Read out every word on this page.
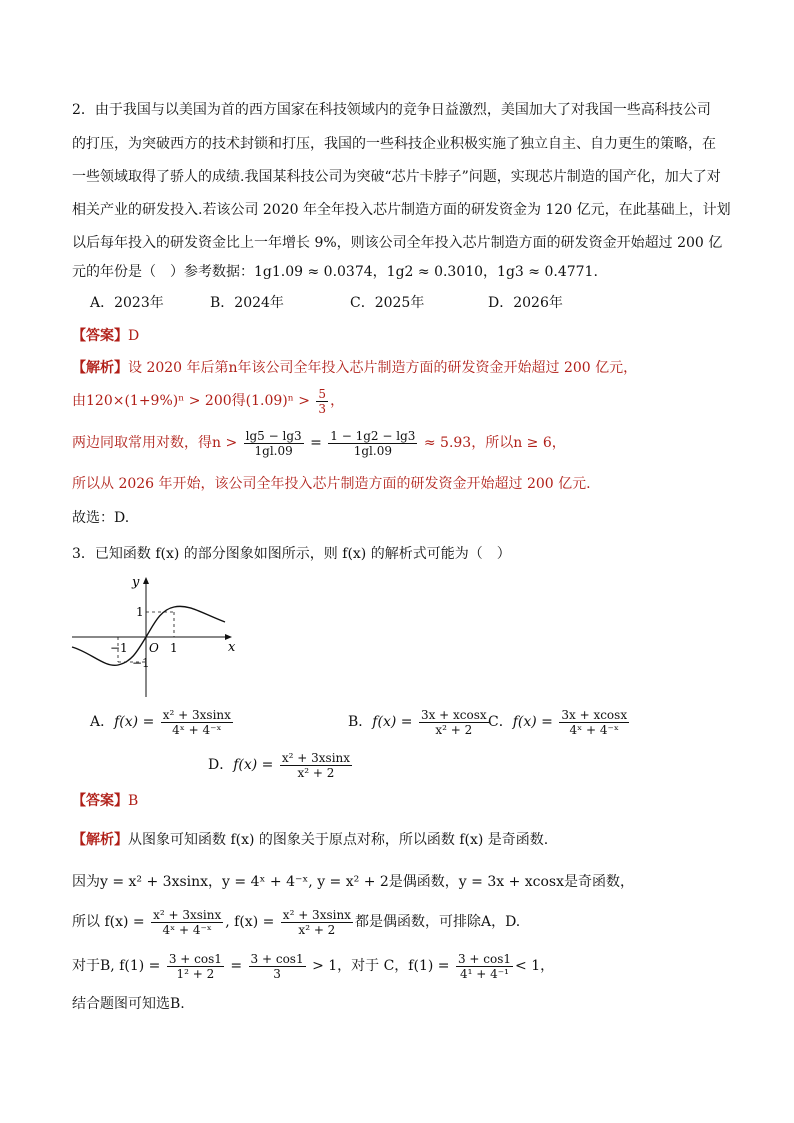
2．由于我国与以美国为首的西方国家在科技领域内的竞争日益激烈，美国加大了对我国一些高科技公司
的打压，为突破西方的技术封锁和打压，我国的一些科技企业积极实施了独立自主、自力更生的策略，在
一些领域取得了骄人的成绩.我国某科技公司为突破“芯片卡脖子”问题，实现芯片制造的国产化，加大了对
相关产业的研发投入.若该公司 2020 年全年投入芯片制造方面的研发资金为 120 亿元，在此基础上，计划
以后每年投入的研发资金比上一年增长 9%，则该公司全年投入芯片制造方面的研发资金开始超过 200 亿
元的年份是（　）参考数据：1g1.09 ≈ 0.0374，1g2 ≈ 0.3010，1g3 ≈ 0.4771.
A．2023年	B．2024年	C．2025年	D．2026年
【答案】D
【解析】设 2020 年后第n年该公司全年投入芯片制造方面的研发资金开始超过 200 亿元，
由120×(1+9%)ⁿ > 200得$(1.09)^n > \frac{5}{3}$ ，
两边同取常用对数，得$n > \frac{\lg 5 - \lg 3}{1gl.09} = \frac{1 - 1g2 - \lg 3}{1gl.09} \approx 5.93$，所以n ≥ 6，
所以从 2026 年开始，该公司全年投入芯片制造方面的研发资金开始超过 200 亿元.
故选：D.
3．已知函数 f(x) 的部分图象如图所示，则 f(x) 的解析式可能为（　）
y
x
O
−1	1
1
−1
A．$f(x) = \frac{\text{x² + 3xsinx}}{\text{4ˣ + 4⁻ˣ}}$	B．$f(x) = \frac{3x + xcosx}{\text{x² + 2}}$ C．$f(x) = \frac{3x + xcosx}{\text{4ˣ + 4⁻ˣ}}$
D．$f(x) = \frac{\text{x² + 3xsinx}}{\text{x² + 2}}$
【答案】B
【解析】从图象可知函数 f(x) 的图象关于原点对称，所以函数 f(x) 是奇函数.
因为y = x² + 3xsinx，y = 4ˣ + 4⁻ˣ, y = x² + 2是偶函数，y = 3x + xcosx是奇函数，
所以 $f(x) = \frac{\text{x² + 3xsinx}}{\text{4ˣ + 4⁻ˣ}}$ , $f(x) = \frac{\text{x² + 3xsinx}}{\text{x² + 2}}$ 都是偶函数，可排除A，D.
对于B, $f(1) = \frac{3 + \cos 1}{\text{1² + 2}} = \frac{3 + \cos 1}{3} > 1$，对于 C，$f(1) = \frac{3 + \cos 1}{\text{4¹ + 4⁻¹}} < 1$，
结合题图可知选B.
